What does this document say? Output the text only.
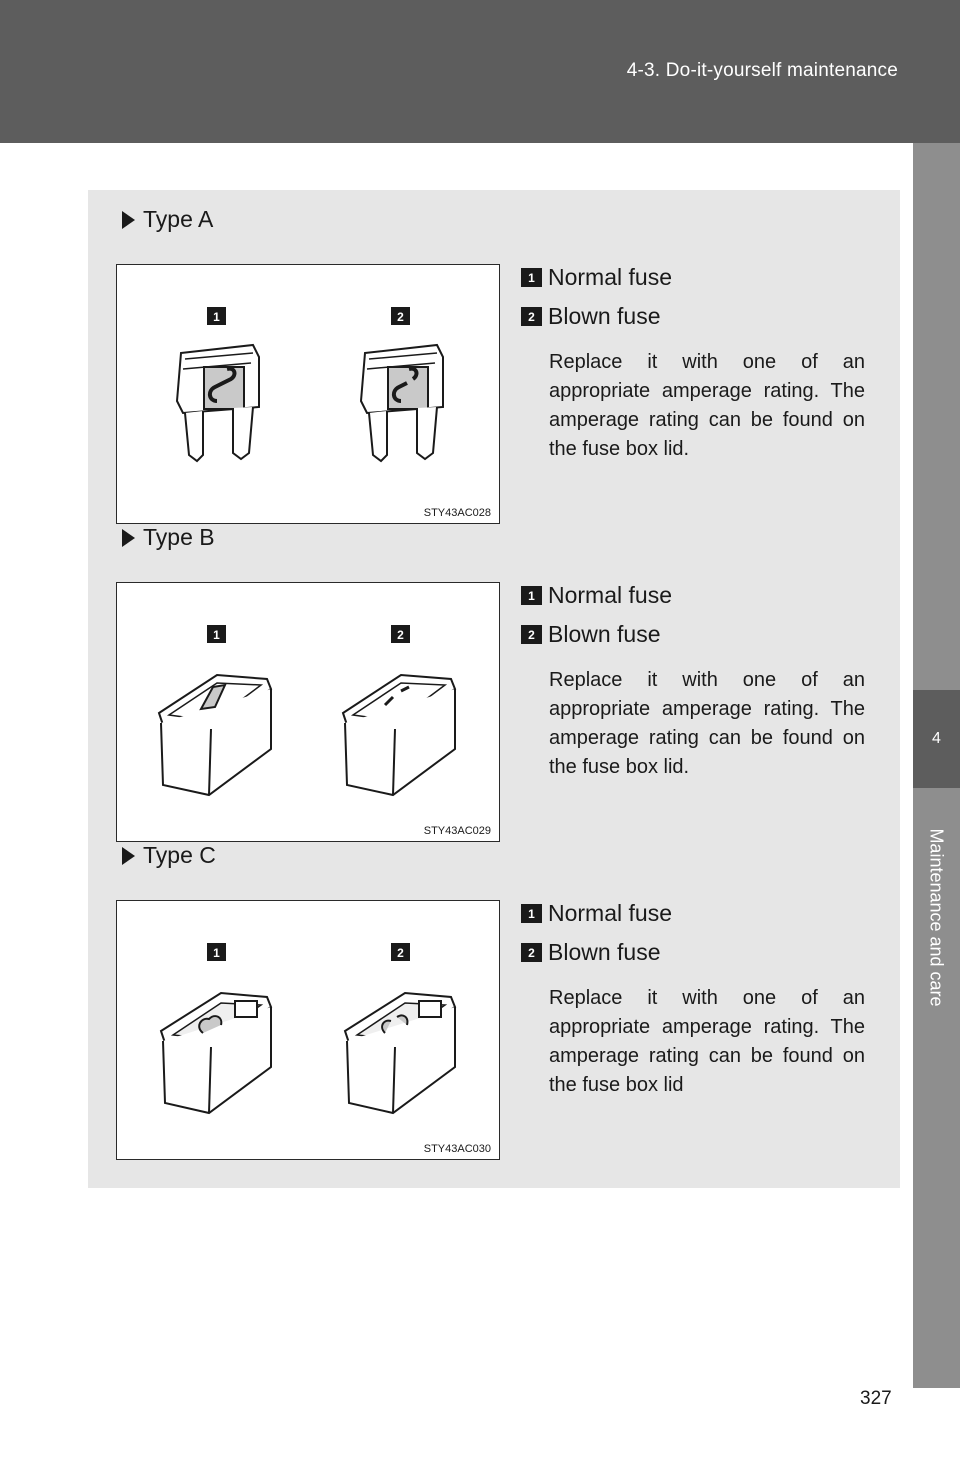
4-3. Do-it-yourself maintenance
4
Maintenance and care
Type A
1	2
STY43AC028
1 Normal fuse
2 Blown fuse
Replace it with one of an appropriate amperage rating. The amperage rating can be found on the fuse box lid.
Type B
1	2
STY43AC029
1 Normal fuse
2 Blown fuse
Replace it with one of an appropriate amperage rating. The amperage rating can be found on the fuse box lid.
Type C
1	2
STY43AC030
1 Normal fuse
2 Blown fuse
Replace it with one of an appropriate amperage rating. The amperage rating can be found on the fuse box lid
327
